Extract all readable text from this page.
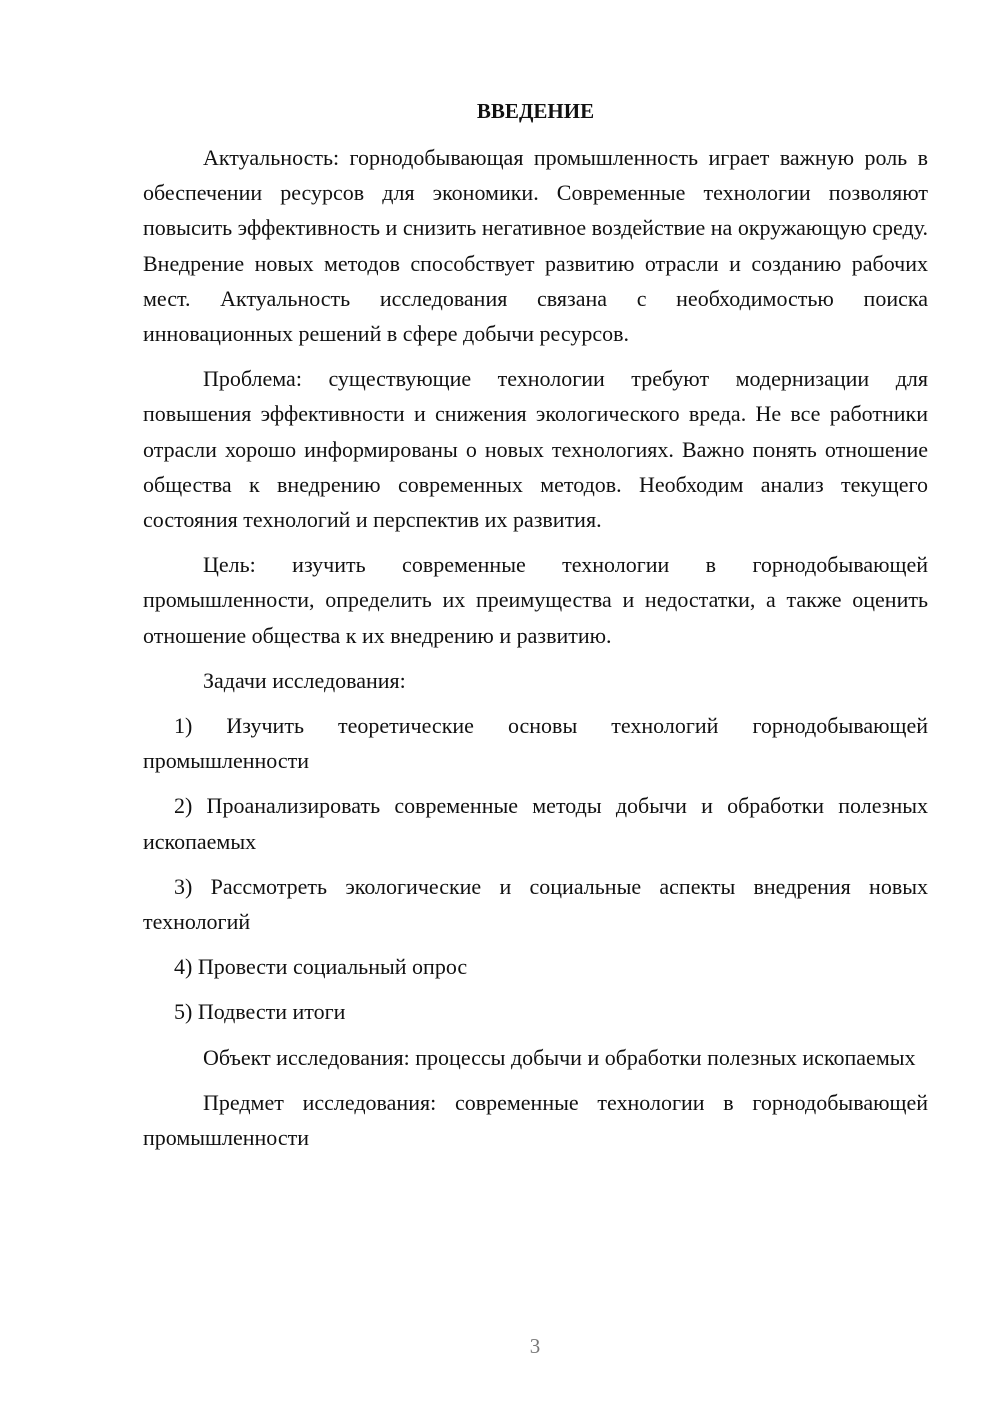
ВВЕДЕНИЕ

Актуальность: горнодобывающая промышленность играет важную роль в обеспечении ресурсов для экономики. Современные технологии позволяют повысить эффективность и снизить негативное воздействие на окружающую среду. Внедрение новых методов способствует развитию отрасли и созданию рабочих мест. Актуальность исследования связана с необходимостью поиска инновационных решений в сфере добычи ресурсов.

Проблема: существующие технологии требуют модернизации для повышения эффективности и снижения экологического вреда. Не все работники отрасли хорошо информированы о новых технологиях. Важно понять отношение общества к внедрению современных методов. Необходим анализ текущего состояния технологий и перспектив их развития.

Цель: изучить современные технологии в горнодобывающей промышленности, определить их преимущества и недостатки, а также оценить отношение общества к их внедрению и развитию.

Задачи исследования:

1) Изучить теоретические основы технологий горнодобывающей промышленности

2) Проанализировать современные методы добычи и обработки полезных ископаемых

3) Рассмотреть экологические и социальные аспекты внедрения новых технологий

4) Провести социальный опрос

5) Подвести итоги

Объект исследования: процессы добычи и обработки полезных ископаемых

Предмет исследования: современные технологии в горнодобывающей промышленности

3
